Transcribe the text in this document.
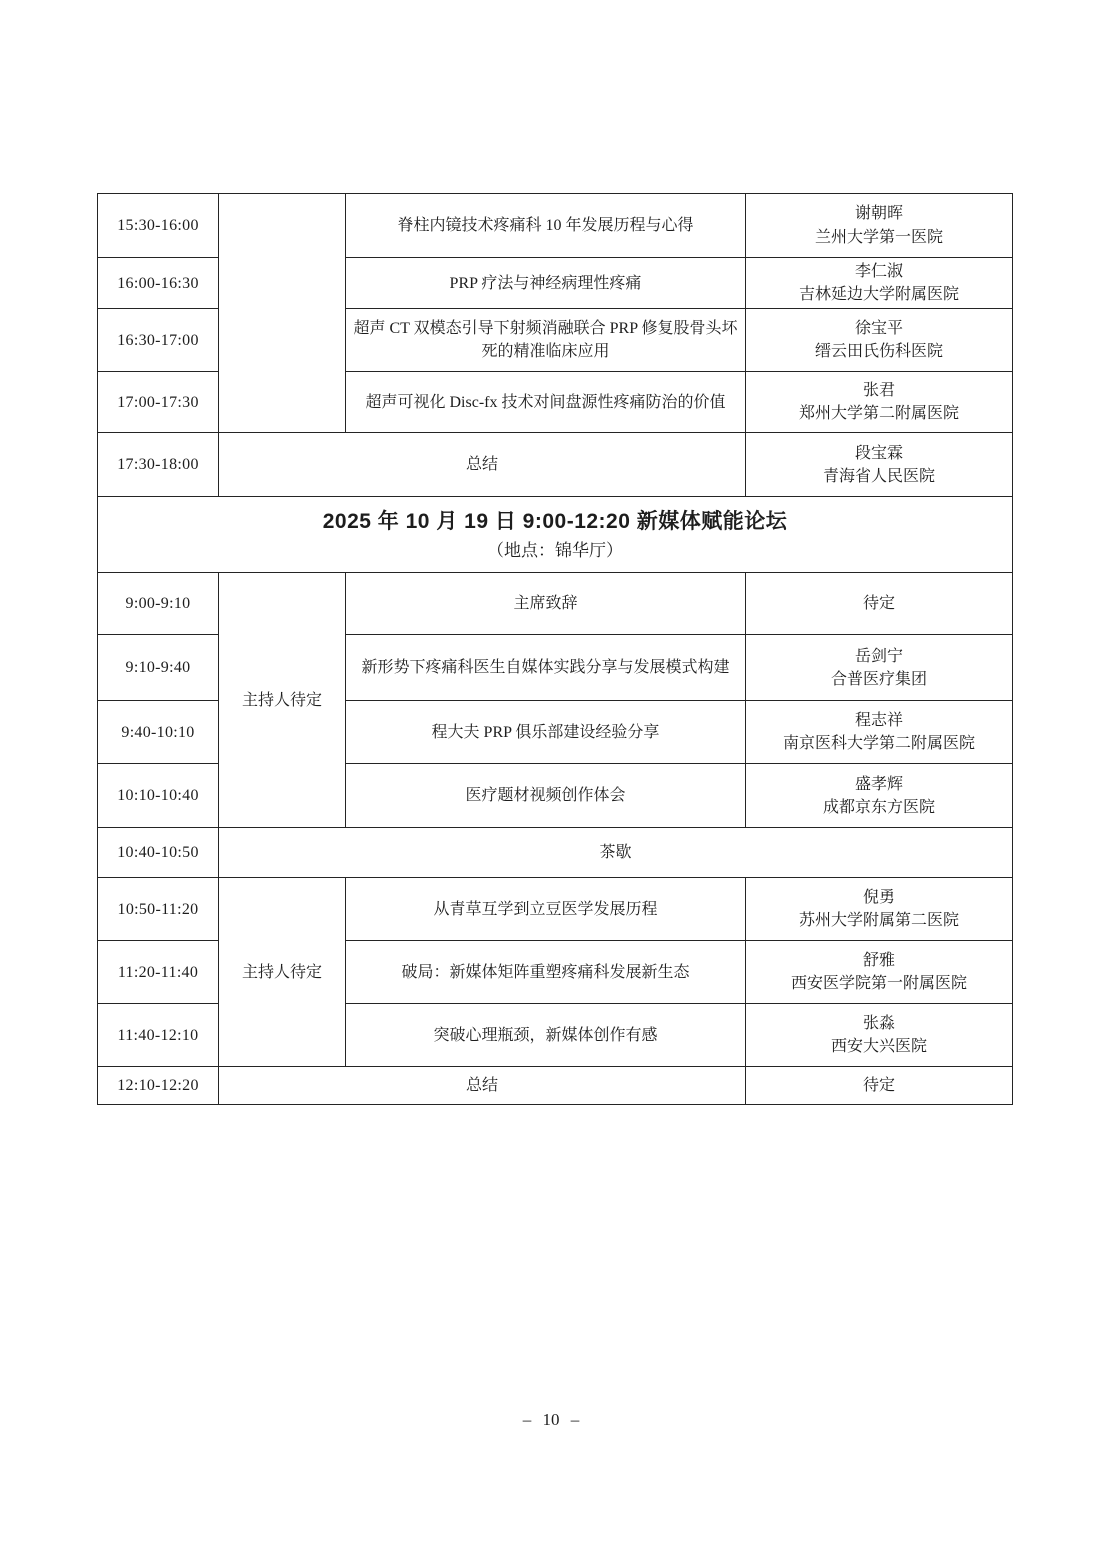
15:30-16:00		脊柱内镜技术疼痛科 10 年发展历程与心得	谢朝晖
兰州大学第一医院

16:00-16:30		PRP 疗法与神经病理性疼痛	李仁淑
吉林延边大学附属医院

16:30-17:00		超声 CT 双模态引导下射频消融联合 PRP 修复股骨头坏死的精准临床应用	徐宝平
缙云田氏伤科医院

17:00-17:30		超声可视化 Disc-fx 技术对间盘源性疼痛防治的价值	张君
郑州大学第二附属医院

17:30-18:00	总结		段宝霖
青海省人民医院

2025 年 10 月 19 日 9:00-12:20 新媒体赋能论坛
（地点：锦华厅）			

9:00-9:10	主持人待定	主席致辞	待定

9:10-9:40		新形势下疼痛科医生自媒体实践分享与发展模式构建	岳剑宁
合普医疗集团

9:40-10:10		程大夫 PRP 俱乐部建设经验分享	程志祥
南京医科大学第二附属医院

10:10-10:40		医疗题材视频创作体会	盛孝辉
成都京东方医院

10:40-10:50	茶歇		
10:50-11:20	主持人待定	从青草互学到立豆医学发展历程	倪勇
苏州大学附属第二医院

11:20-11:40		破局：新媒体矩阵重塑疼痛科发展新生态	舒雅
西安医学院第一附属医院

11:40-12:10		突破心理瓶颈，新媒体创作有感	张淼
西安大兴医院

12:10-12:20	总结		待定
– 10 –
